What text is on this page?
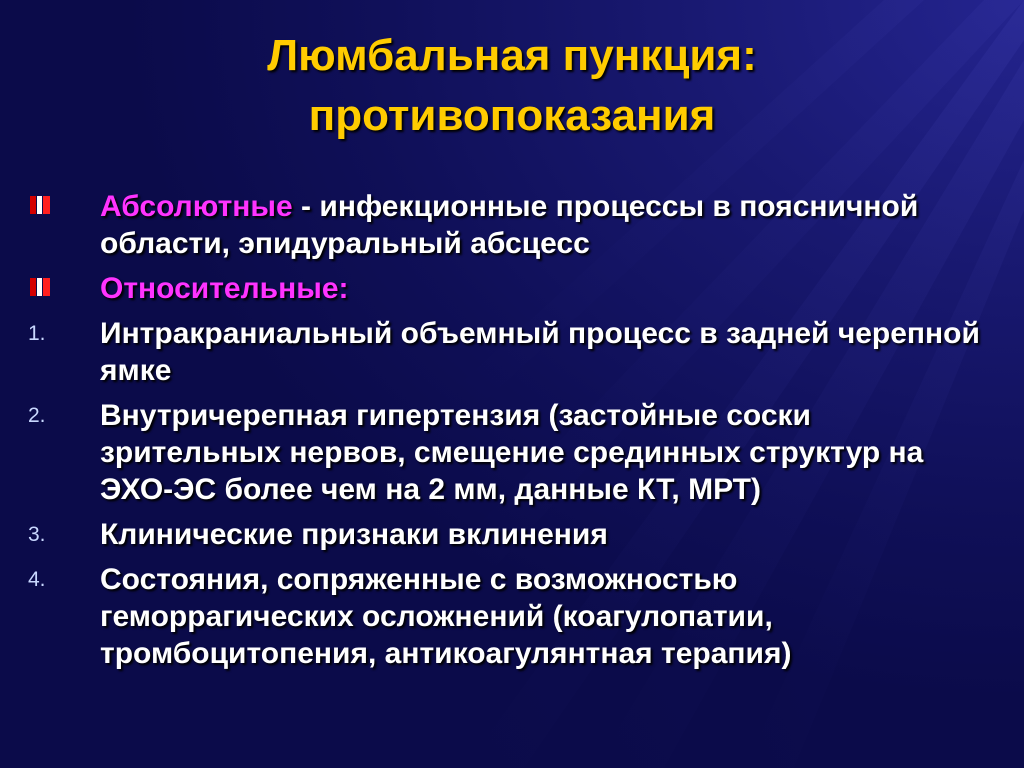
Люмбальная пункция:
противопоказания
Абсолютные - инфекционные процессы в поясничной области, эпидуральный абсцесс
Относительные:
1. Интракраниальный объемный процесс в задней черепной ямке
2. Внутричерепная гипертензия (застойные соски зрительных нервов, смещение срединных структур на ЭХО-ЭС более чем на 2 мм, данные КТ, МРТ)
3. Клинические признаки вклинения
4. Состояния, сопряженные с возможностью геморрагических осложнений (коагулопатии, тромбоцитопения, антикоагулянтная терапия)
